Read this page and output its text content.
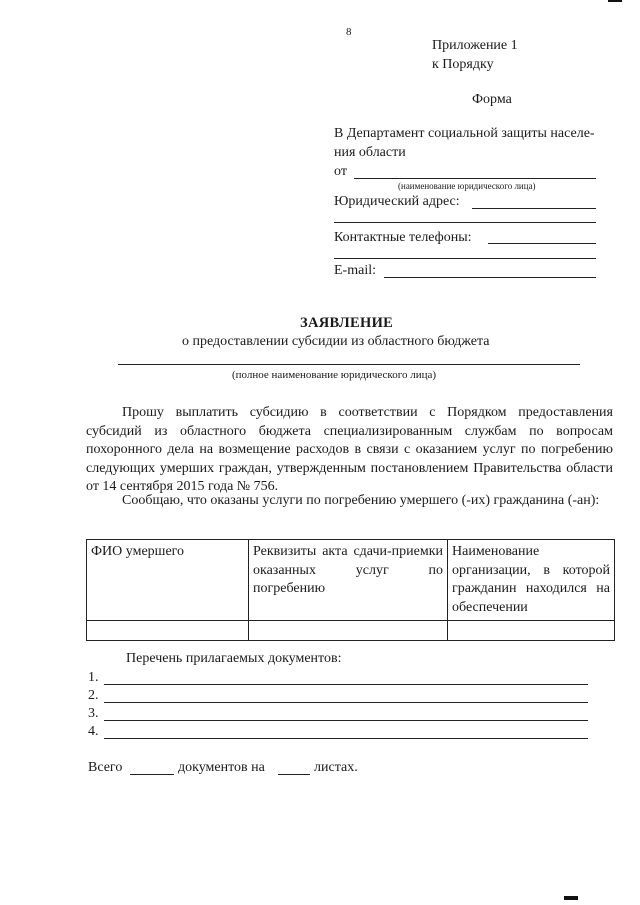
8
Приложение 1
к Порядку
Форма
В Департамент социальной защиты населе-
ния области
от
(наименование юридического лица)
Юридический адрес:
Контактные телефоны:
E-mail:
ЗАЯВЛЕНИЕ
о предоставлении субсидии из областного бюджета
(полное наименование юридического лица)
Прошу выплатить субсидию в соответствии с Порядком предоставления субсидий из областного бюджета специализированным службам по вопросам похоронного дела на возмещение расходов в связи с оказанием услуг по погребению следующих умерших граждан, утвержденным постановлением Правительства области от 14 сентября 2015 года № 756.
Сообщаю, что оказаны услуги по погребению умершего (-их) гражданина (-ан):
ФИО умершего	Реквизиты акта сдачи-приемки оказанных услуг по погребению	Наименование организации, в которой гражданин находился на обеспечении

Перечень прилагаемых документов:
1.
2.
3.
4.
Всего	документов на	листах.
